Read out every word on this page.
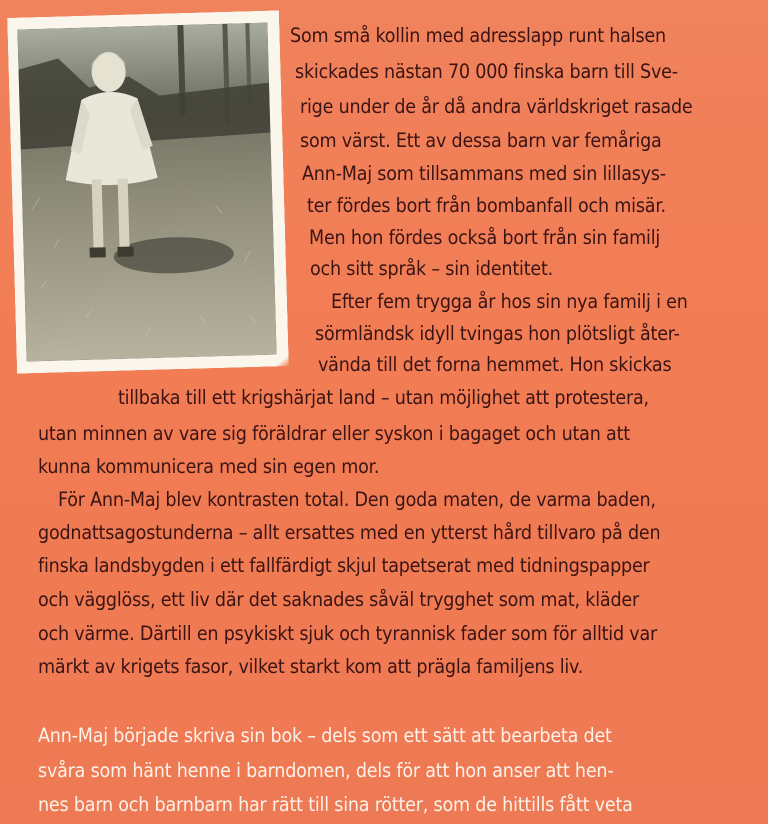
Som små kollin med adresslapp runt halsen
skickades nästan 70 000 finska barn till Sve-
rige under de år då andra världskriget rasade
som värst. Ett av dessa barn var femåriga
Ann-Maj som tillsammans med sin lillasys-
ter fördes bort från bombanfall och misär.
Men hon fördes också bort från sin familj
och sitt språk – sin identitet.
Efter fem trygga år hos sin nya familj i en
sörmländsk idyll tvingas hon plötsligt åter-
vända till det forna hemmet. Hon skickas
tillbaka till ett krigshärjat land – utan möjlighet att protestera,
utan minnen av vare sig föräldrar eller syskon i bagaget och utan att
kunna kommunicera med sin egen mor.
För Ann-Maj blev kontrasten total. Den goda maten, de varma baden,
godnattsagostunderna – allt ersattes med en ytterst hård tillvaro på den
finska landsbygden i ett fallfärdigt skjul tapetserat med tidningspapper
och vägglöss, ett liv där det saknades såväl trygghet som mat, kläder
och värme. Därtill en psykiskt sjuk och tyrannisk fader som för alltid var
märkt av krigets fasor, vilket starkt kom att prägla familjens liv.
Ann-Maj började skriva sin bok – dels som ett sätt att bearbeta det
svåra som hänt henne i barndomen, dels för att hon anser att hen-
nes barn och barnbarn har rätt till sina rötter, som de hittills fått veta
